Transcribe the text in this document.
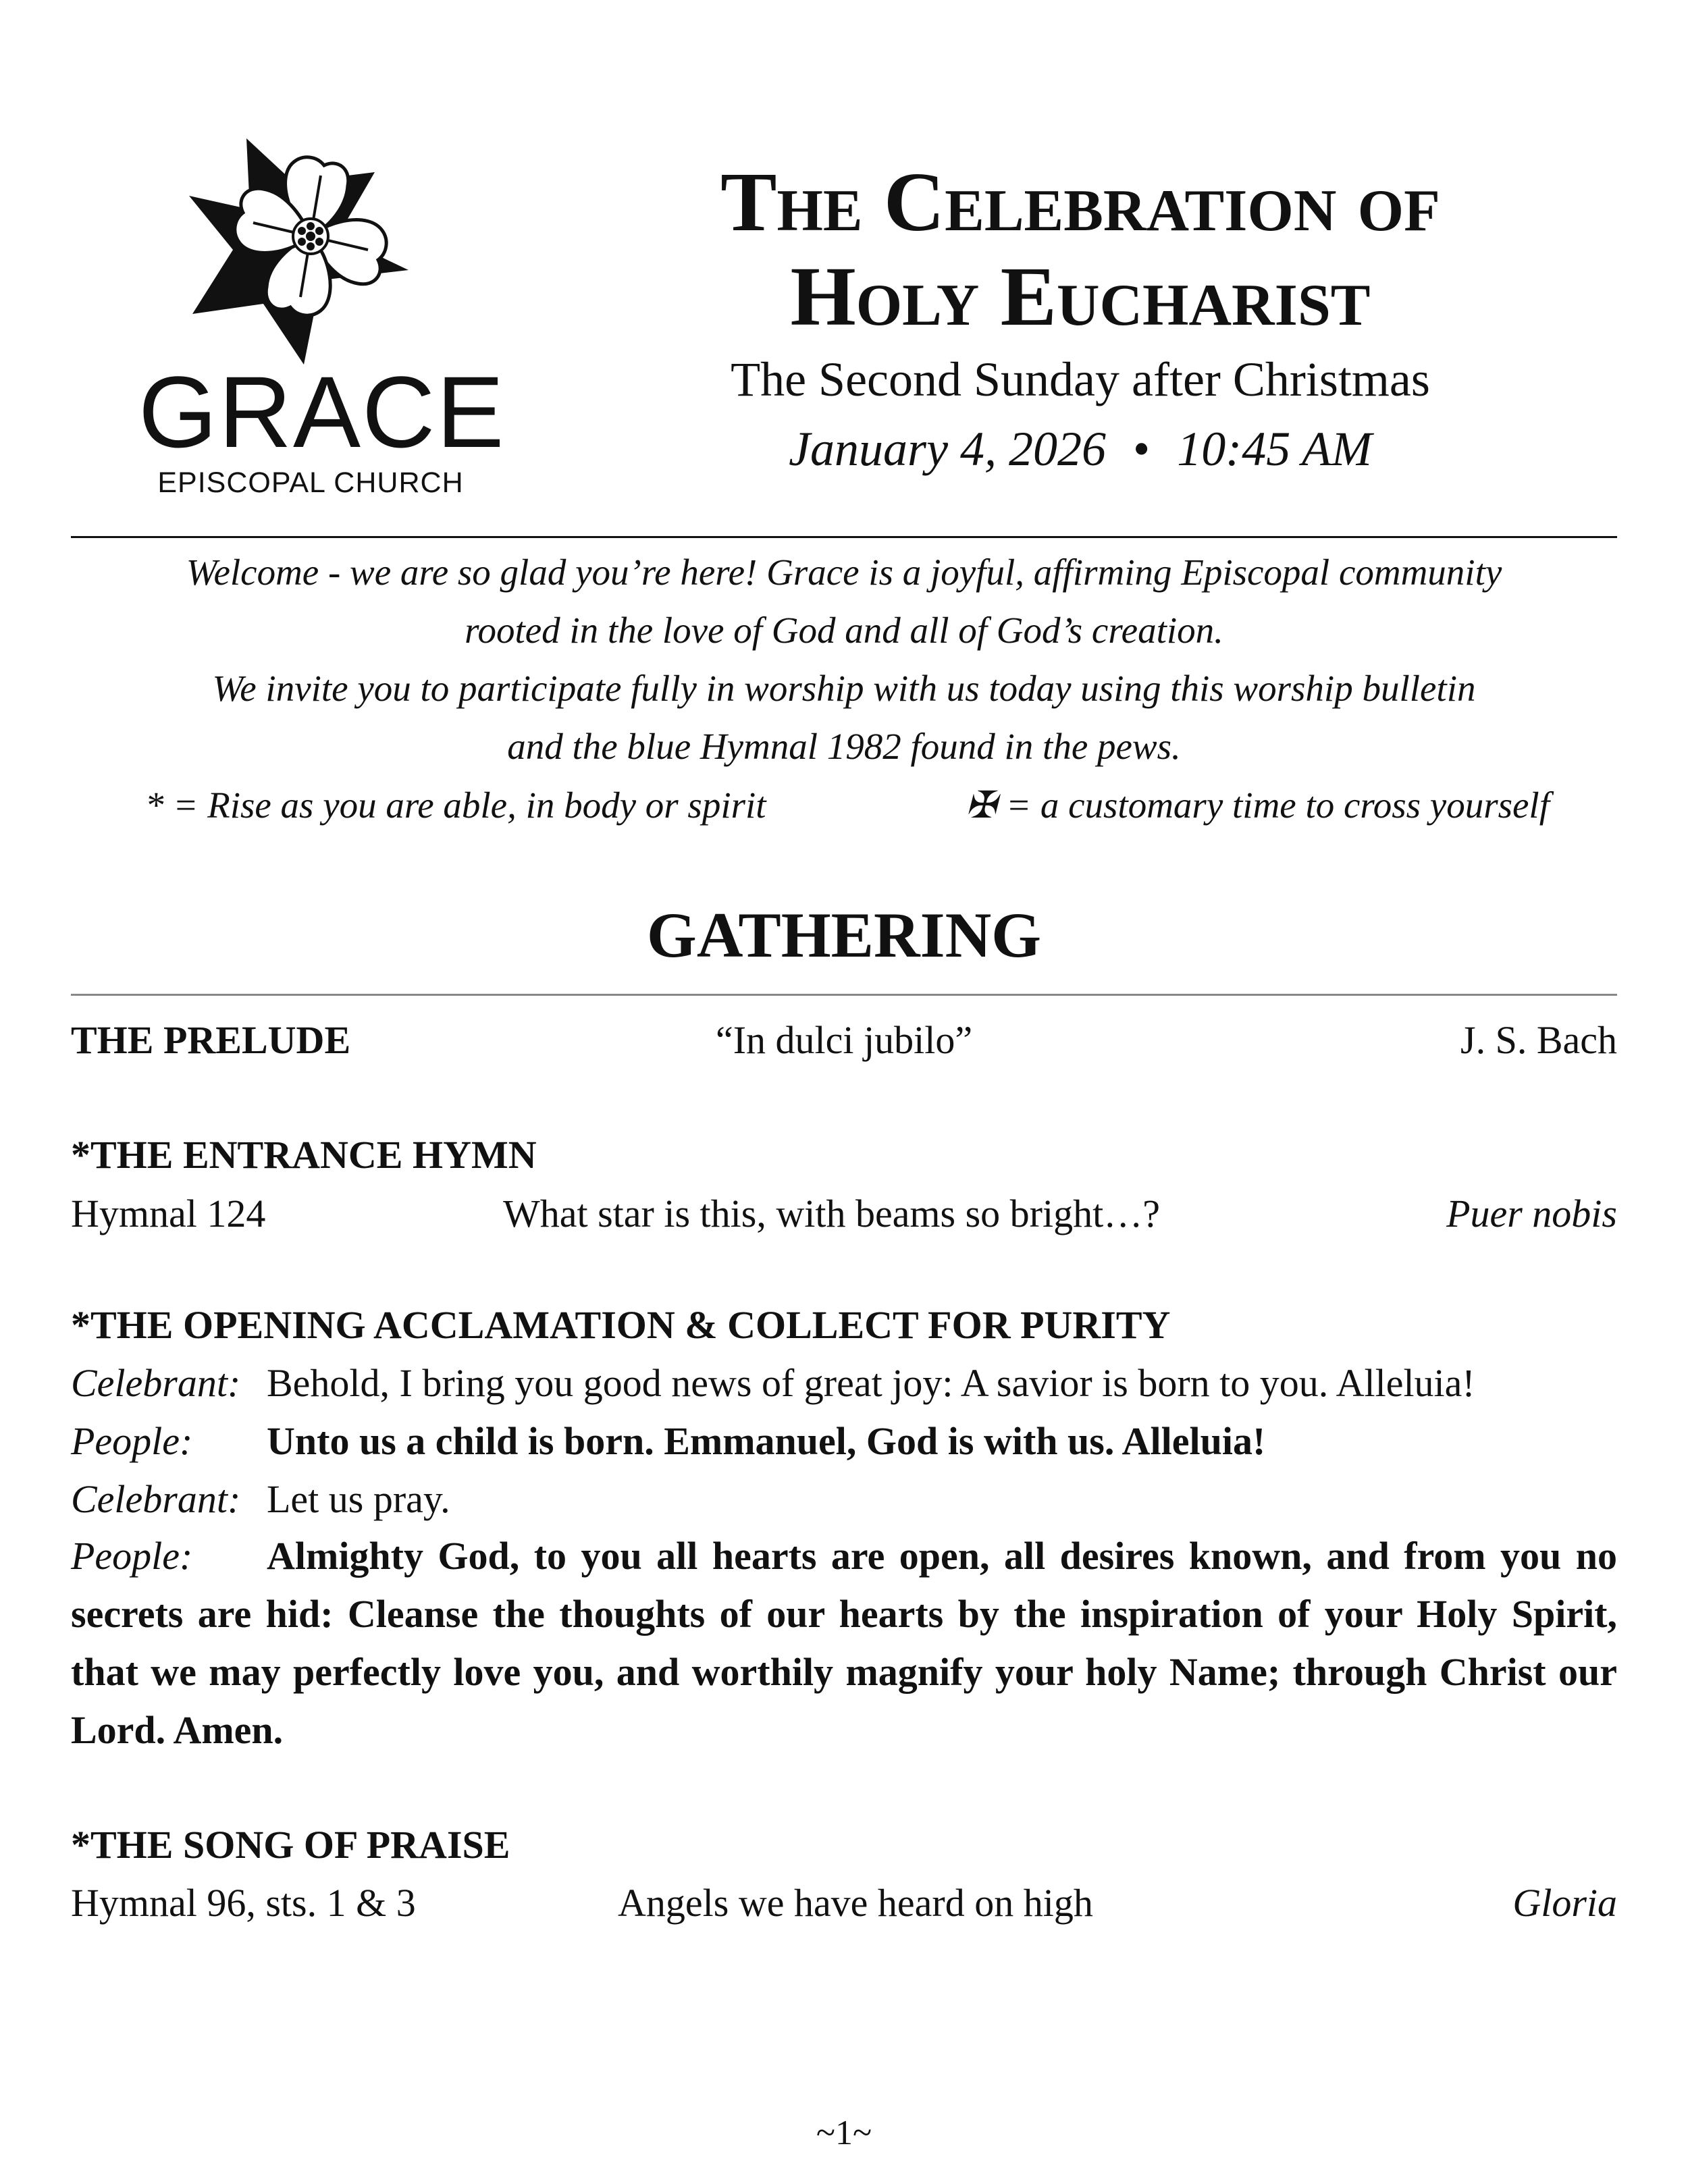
GRACE
EPISCOPAL CHURCH
The Celebration of
Holy Eucharist
The Second Sunday after Christmas
January 4, 2026 • 10:45 AM
Welcome - we are so glad you’re here! Grace is a joyful, affirming Episcopal community
rooted in the love of God and all of God’s creation.
We invite you to participate fully in worship with us today using this worship bulletin
and the blue Hymnal 1982 found in the pews.
* = Rise as you are able, in body or spirit	✠ = a customary time to cross yourself
GATHERING
THE PRELUDE	“In dulci jubilo”	J. S. Bach
*THE ENTRANCE HYMN
Hymnal 124	What star is this, with beams so bright…?	Puer nobis
*THE OPENING ACCLAMATION & COLLECT FOR PURITY
Celebrant: Behold, I bring you good news of great joy: A savior is born to you. Alleluia!
People: Unto us a child is born. Emmanuel, God is with us. Alleluia!
Celebrant: Let us pray.
People: Almighty God, to you all hearts are open, all desires known, and from you no secrets are hid: Cleanse the thoughts of our hearts by the inspiration of your Holy Spirit, that we may perfectly love you, and worthily magnify your holy Name; through Christ our Lord. Amen.
*THE SONG OF PRAISE
Hymnal 96, sts. 1 & 3	Angels we have heard on high	Gloria
~1~
